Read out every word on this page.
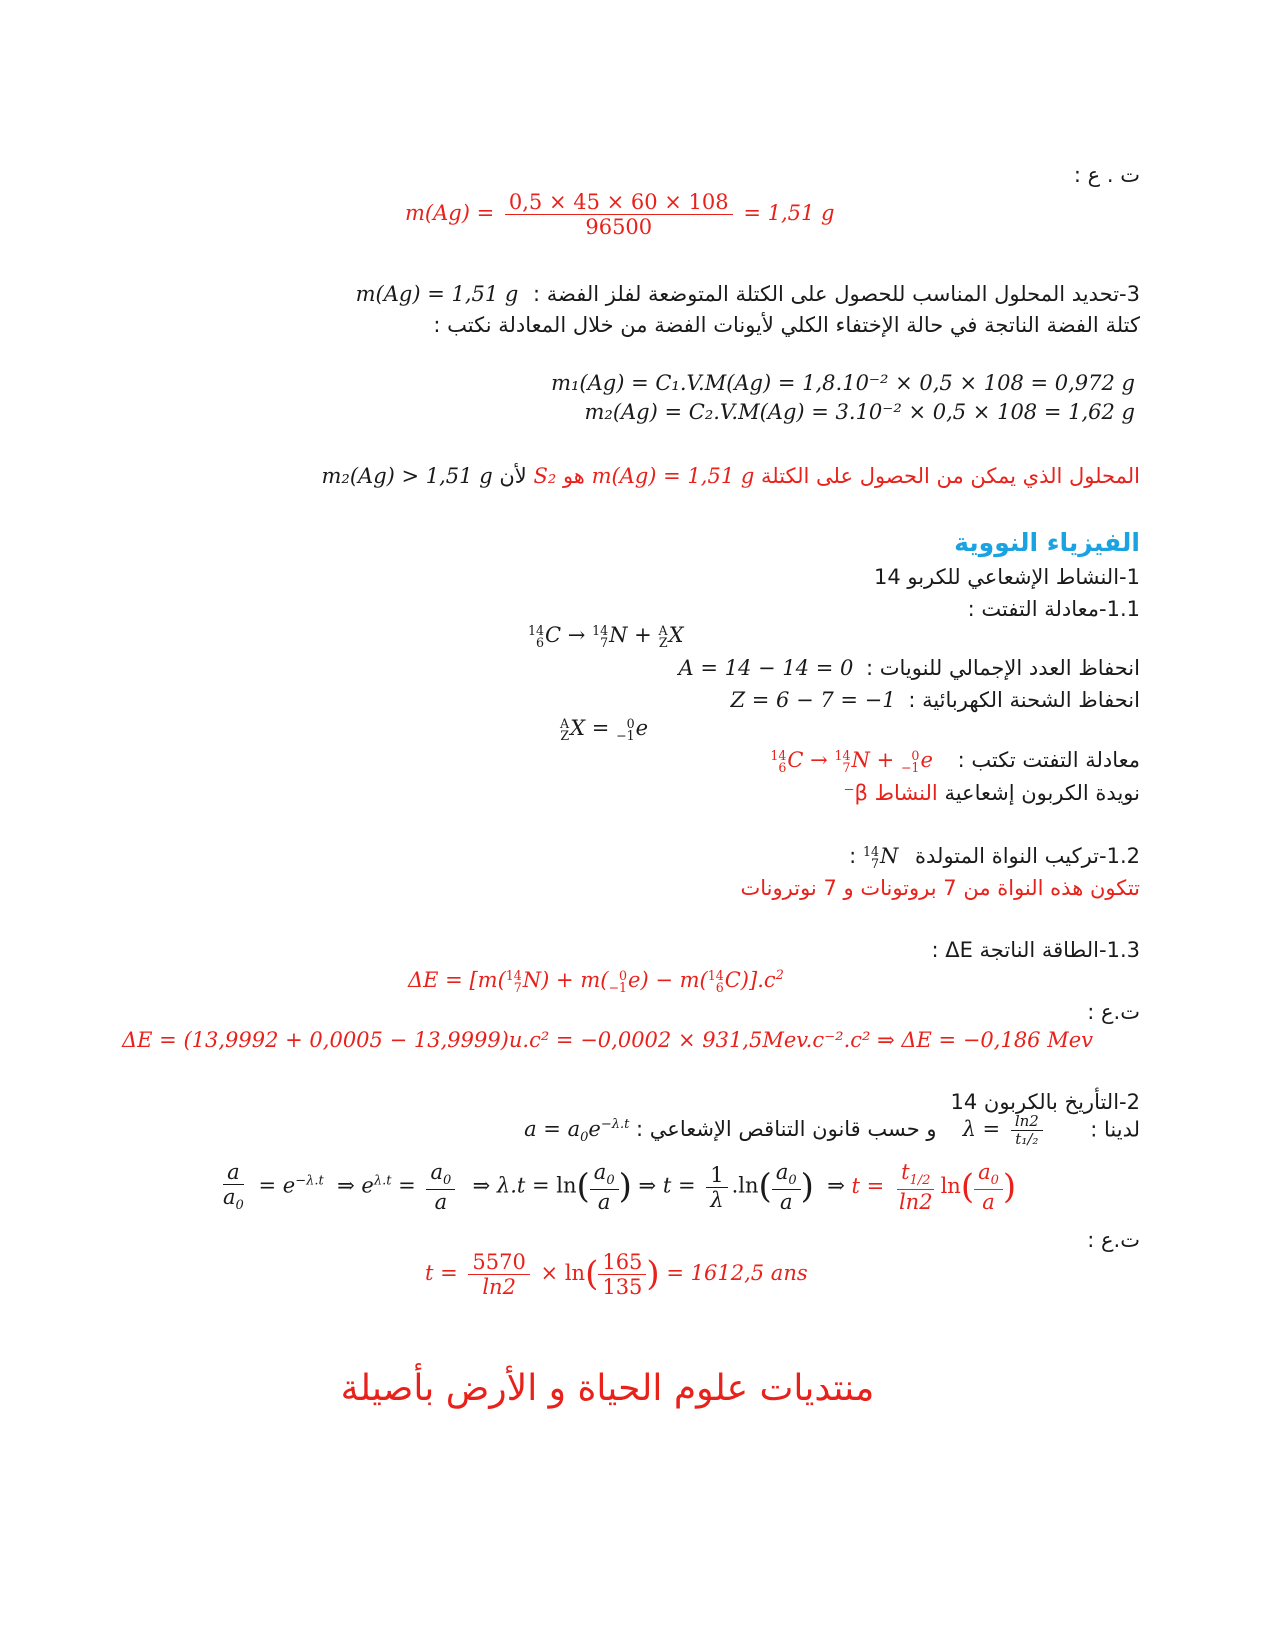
ت . ع :
$m(Ag) = \frac{0,5 \times 45 \times 60 \times 108}{96500} = 1,51$ g
3-تحديد المحلول المناسب للحصول على الكتلة المتوضعة لفلز الفضة : m(Ag) = 1,51 g
كتلة الفضة الناتجة في حالة الإختفاء الكلي لأيونات الفضة من خلال المعادلة نكتب :
m₁(Ag) = C₁.V.M(Ag) = 1,8.10⁻² × 0,5 × 108 = 0,972 g
m₂(Ag) = C₂.V.M(Ag) = 3.10⁻² × 0,5 × 108 = 1,62 g
المحلول الذي يمكن من الحصول على الكتلة m(Ag) = 1,51 g هو S₂ لأن m₂(Ag) > 1,51 g
الفيزياء النووية
1-النشاط الإشعاعي للكربو 14
1.1-معادلة التفتت :
14
6 C → 14
7 N + A
Z X
انحفاظ العدد الإجمالي للنويات : A = 14 − 14 = 0
انحفاظ الشحنة الكهربائية : Z = 6 − 7 = −1
A
Z X =	0
−1 e
معادلة التفتت تكتب :
14
6 C → 14
7 N +	0
−1 e
نويدة الكربون إشعاعية النشاط β⁻
1.2-تركيب النواة المتولدة
14
7 N :
تتكون هذه النواة من 7 بروتونات و 7 نوترونات
1.3-الطاقة الناتجة ΔE :
ΔE = [m( 14
7 N) + m( 0
−1 e) − m( 14
6 $C)].c^2$
ت.ع :
ΔE = (13,9992 + 0,0005 − 13,9999)u.c² = −0,0002 × 931,5Mev.c⁻².c² ⇒ ΔE = −0,186 Mev
2-التأريخ بالكربون 14
لدينا : $\lambda = \frac{\ln 2}{\text{t₁/₂}}$
و حسب قانون التناقص الإشعاعي : $a = a_0e^{-\lambda.t}$
$\frac{a}{a_0} = e^{-\lambda.t}$  ⇒ $e^{\lambda.t} = \frac{a_0}{a}$ ⇒ $\lambda.t = \ln( \frac{a_0}{a}$ ) ⇒ $t = \frac{1}{\lambda} .\ln( \frac{a_0}{a}$ )  ⇒ $t = \frac{t_{1/2}}{\ln 2} \ln( \frac{a_0}{a}$ )
ت.ع :
$t = \frac{5570}{\ln 2} \times \ln( \frac{165}{135}$ ) = 1612,5 ans
منتديات علوم الحياة و الأرض بأصيلة
